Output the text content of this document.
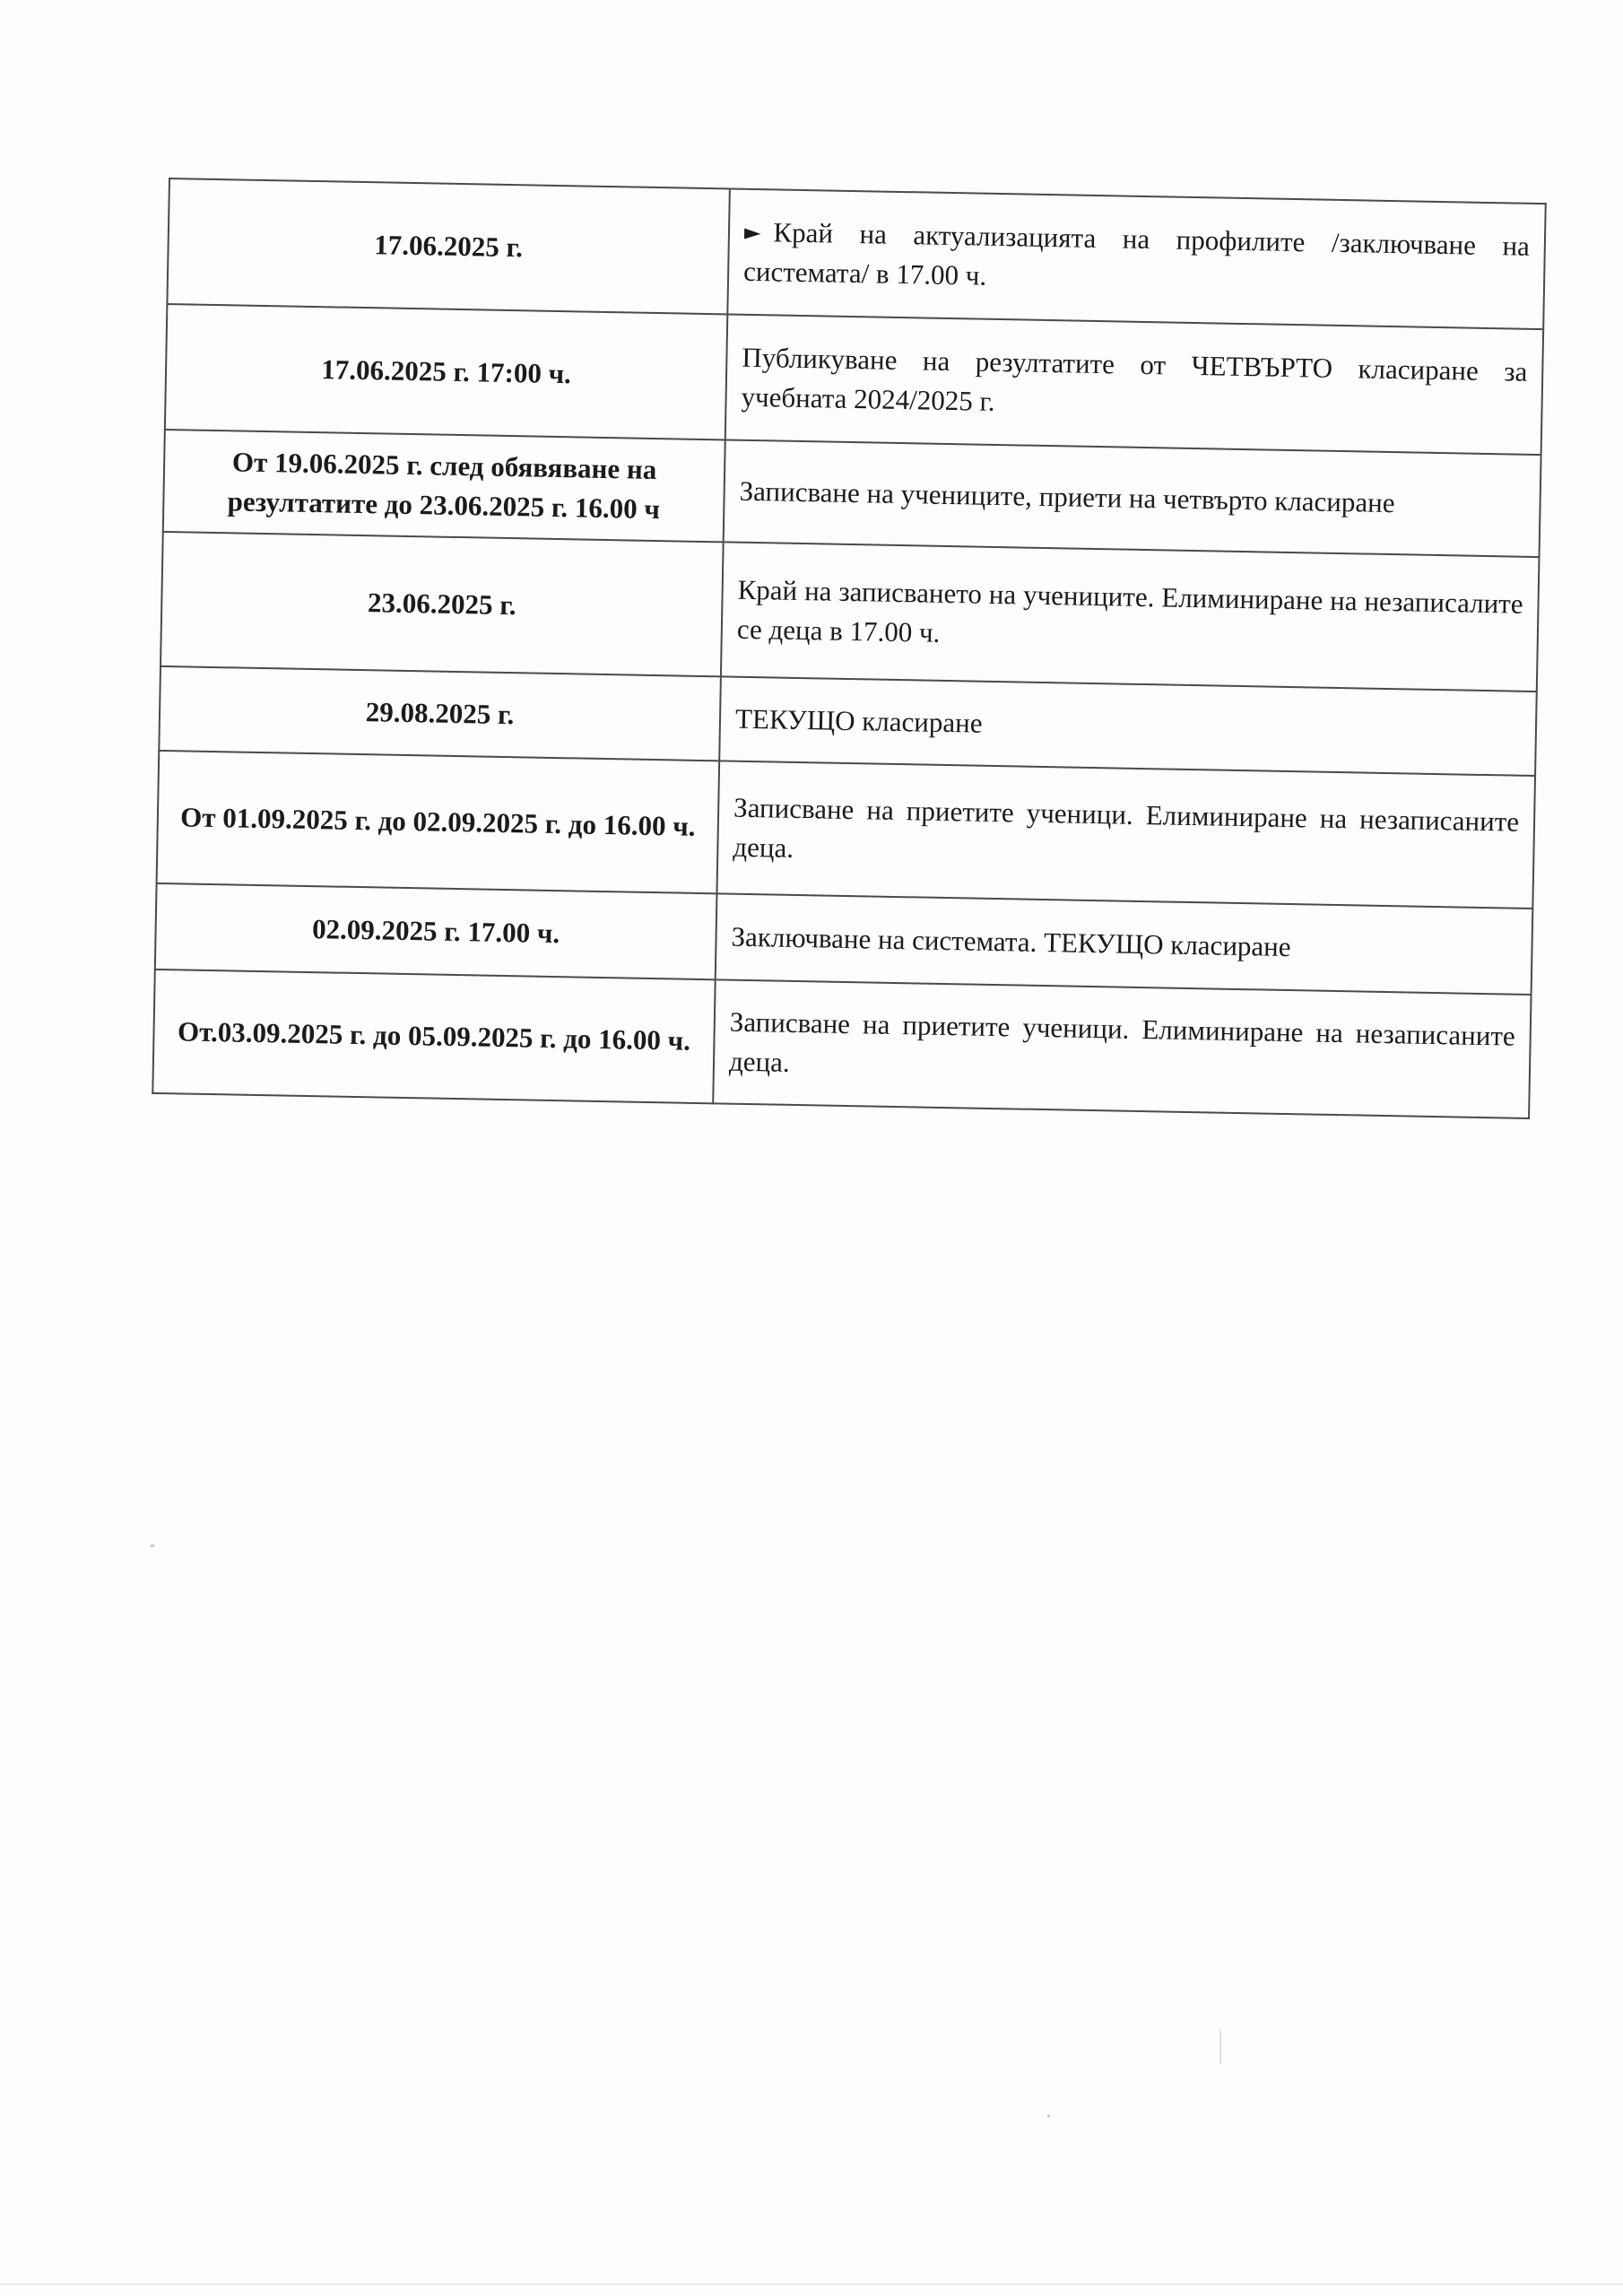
17.06.2025 г.	► Край на актуализацията на профилите /заключване на системата/ в 17.00 ч.
17.06.2025 г. 17:00 ч.	Публикуване на резултатите от ЧЕТВЪРТО класиране за учебната 2024/2025 г.
От 19.06.2025 г. след обявяване на резултатите до 23.06.2025 г. 16.00 ч	Записване на учениците, приети на четвърто класиране
23.06.2025 г.	Край на записването на учениците. Елиминиране на незаписалите се деца в 17.00 ч.
29.08.2025 г.	ТЕКУЩО класиране
От 01.09.2025 г. до 02.09.2025 г. до 16.00 ч.	Записване на приетите ученици. Елиминиране на незаписаните деца.
02.09.2025 г. 17.00 ч.	Заключване на системата. ТЕКУЩО класиране
От.03.09.2025 г. до 05.09.2025 г. до 16.00 ч.	Записване на приетите ученици. Елиминиране на незаписаните деца.
